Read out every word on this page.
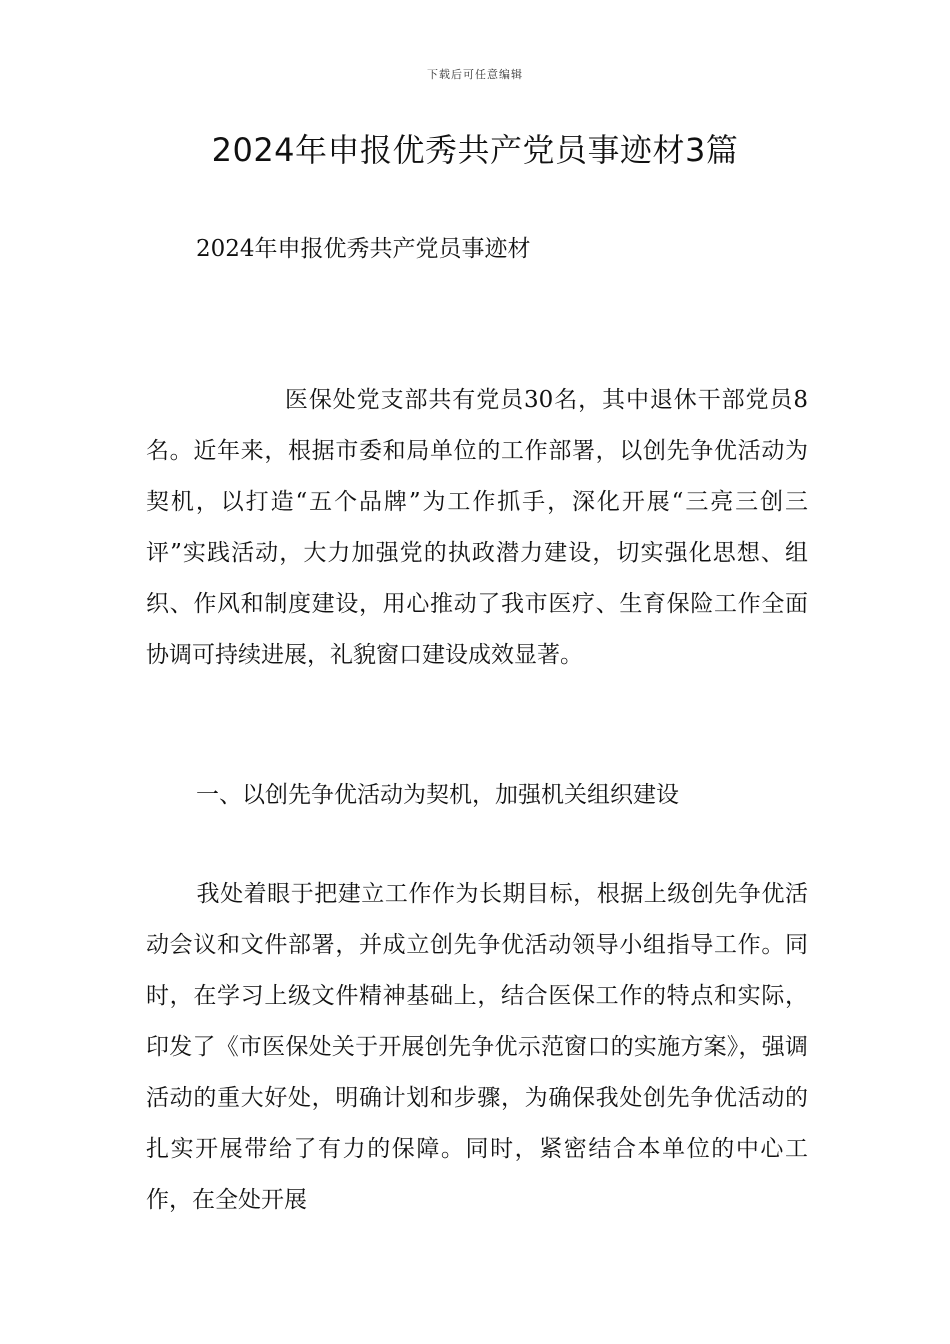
下载后可任意编辑
2024年申报优秀共产党员事迹材3篇
2024年申报优秀共产党员事迹材
医保处党支部共有党员30名，其中退休干部党员8名。近年来，根据市委和局单位的工作部署，以创先争优活动为契机，以打造“五个品牌”为工作抓手，深化开展“三亮三创三评”实践活动，大力加强党的执政潜力建设，切实强化思想、组织、作风和制度建设，用心推动了我市医疗、生育保险工作全面协调可持续进展，礼貌窗口建设成效显著。
一、以创先争优活动为契机，加强机关组织建设
我处着眼于把建立工作作为长期目标，根据上级创先争优活动会议和文件部署，并成立创先争优活动领导小组指导工作。同时，在学习上级文件精神基础上，结合医保工作的特点和实际，印发了《市医保处关于开展创先争优示范窗口的实施方案》，强调活动的重大好处，明确计划和步骤，为确保我处创先争优活动的扎实开展带给了有力的保障。同时，紧密结合本单位的中心工作，在全处开展
